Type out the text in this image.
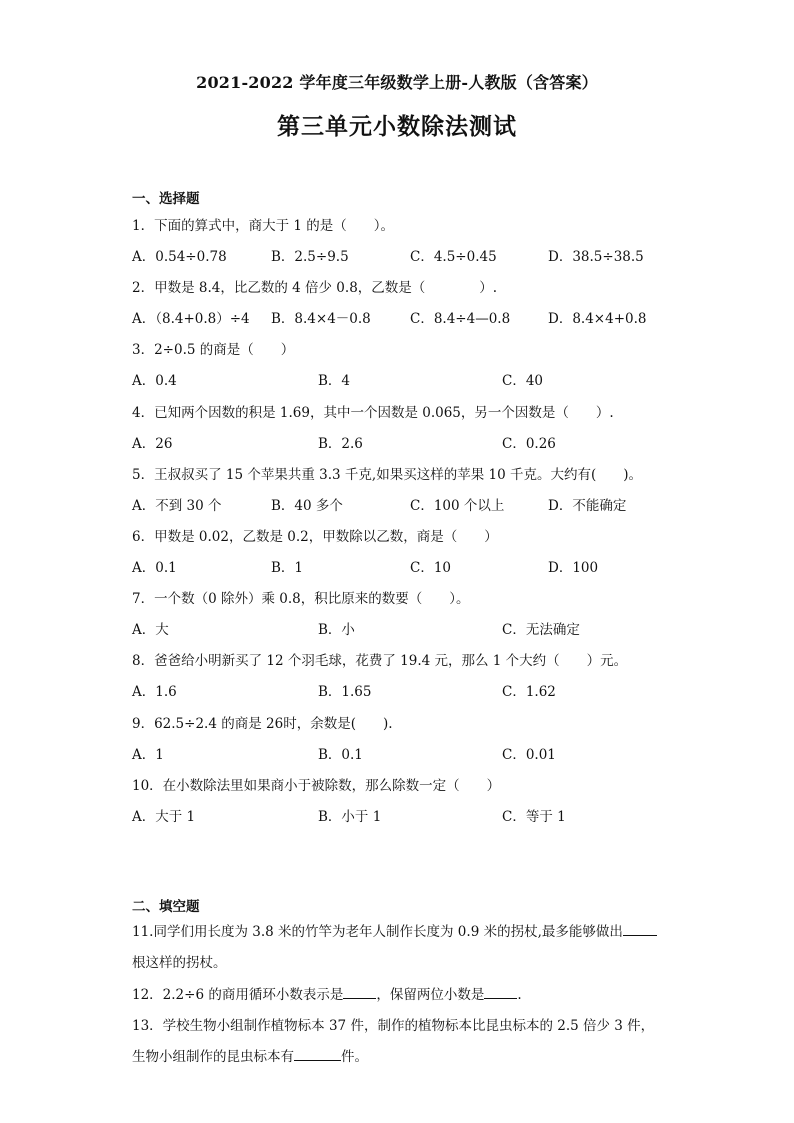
2021-2022 学年度三年级数学上册-人教版（含答案）
第三单元小数除法测试
一、选择题
1．下面的算式中，商大于 1 的是（　　）。
A．0.54÷0.78	B．2.5÷9.5	C．4.5÷0.45	D．38.5÷38.5
2．甲数是 8.4，比乙数的 4 倍少 0.8，乙数是（　　　　）.
A．（8.4+0.8）÷4 B．8.4×4－0.8	C．8.4÷4—0.8	D．8.4×4+0.8
3．2÷0.5 的商是（　　）
A．0.4	B．4	C．40
4．已知两个因数的积是 1.69，其中一个因数是 0.065，另一个因数是（　　）.
A．26	B．2.6	C．0.26
5．王叔叔买了 15 个苹果共重 3.3 千克,如果买这样的苹果 10 千克。大约有(　　)。
A．不到 30 个	B．40 多个	C．100 个以上	D．不能确定
6．甲数是 0.02，乙数是 0.2，甲数除以乙数，商是（　　）
A．0.1	B．1	C．10	D．100
7．一个数（0 除外）乘 0.8，积比原来的数要（　　）。
A．大	B．小	C．无法确定
8．爸爸给小明新买了 12 个羽毛球，花费了 19.4 元，那么 1 个大约（　　）元。
A．1.6	B．1.65	C．1.62
9．62.5÷2.4 的商是 26时，余数是(　　).
A．1	B．0.1	C．0.01
10．在小数除法里如果商小于被除数，那么除数一定（　　）
A．大于 1	B．小于 1	C．等于 1
二、填空题
11.同学们用长度为 3.8 米的竹竿为老年人制作长度为 0.9 米的拐杖,最多能够做出
根这样的拐杖。
12．2.2÷6 的商用循环小数表示是 ，保留两位小数是 .
13．学校生物小组制作植物标本 37 件，制作的植物标本比昆虫标本的 2.5 倍少 3 件，
生物小组制作的昆虫标本有	件。
